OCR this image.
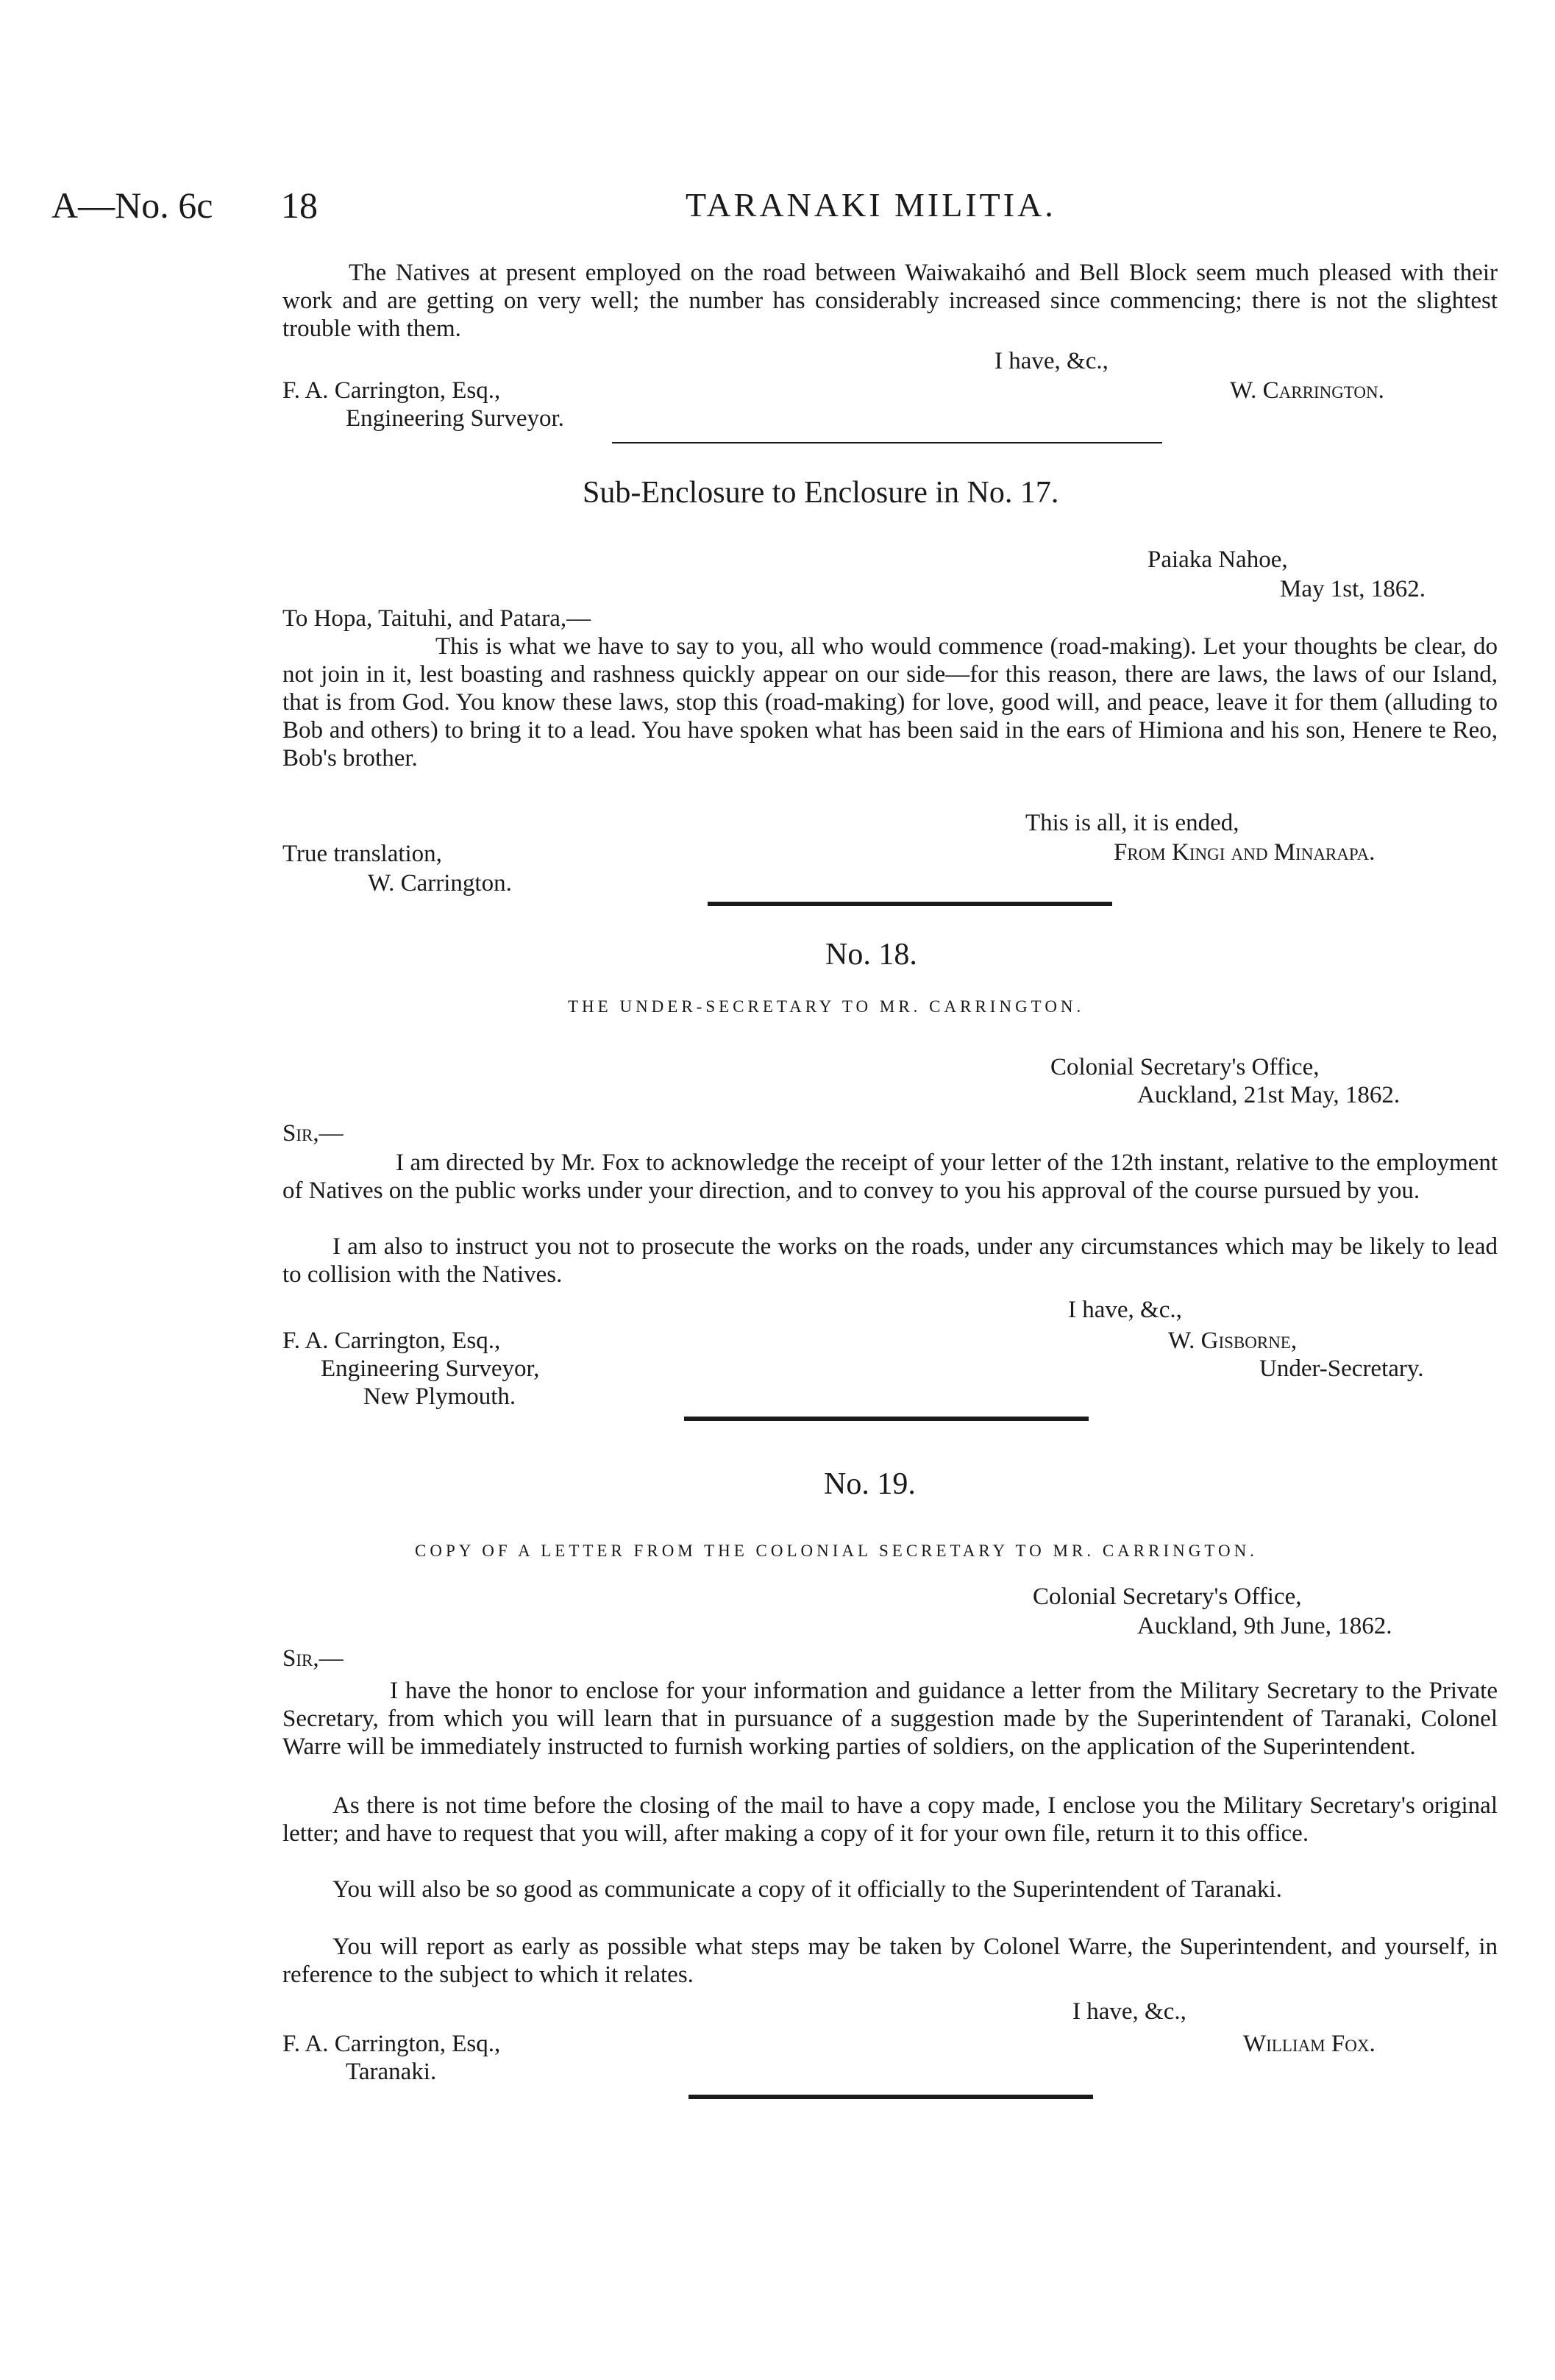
A—No. 6c 18	TARANAKI MILITIA.
The Natives at present employed on the road between Waiwakaihó and Bell Block seem much pleased with their work and are getting on very well; the number has considerably increased since commencing; there is not the slightest trouble with them.
I have, &c.,
F. A. Carrington, Esq.,	W. Carrington.
Engineering Surveyor.
Sub-Enclosure to Enclosure in No. 17.
Paiaka Nahoe,
May 1st, 1862.
To Hopa, Taituhi, and Patara,—
This is what we have to say to you, all who would commence (road-making). Let your thoughts be clear, do not join in it, lest boasting and rashness quickly appear on our side—for this reason, there are laws, the laws of our Island, that is from God. You know these laws, stop this (road-making) for love, good will, and peace, leave it for them (alluding to Bob and others) to bring it to a lead. You have spoken what has been said in the ears of Himiona and his son, Henere te Reo, Bob's brother.
This is all, it is ended,
True translation,	From Kingi and Minarapa.
W. Carrington.
No. 18.
THE UNDER-SECRETARY TO MR. CARRINGTON.
Colonial Secretary's Office,
Auckland, 21st May, 1862.
Sir,—
I am directed by Mr. Fox to acknowledge the receipt of your letter of the 12th instant, relative to the employment of Natives on the public works under your direction, and to convey to you his approval of the course pursued by you.
I am also to instruct you not to prosecute the works on the roads, under any circumstances which may be likely to lead to collision with the Natives.
I have, &c.,
F. A. Carrington, Esq.,	W. Gisborne,
Engineering Surveyor,	Under-Secretary.
New Plymouth.
No. 19.
COPY OF A LETTER FROM THE COLONIAL SECRETARY TO MR. CARRINGTON.
Colonial Secretary's Office,
Auckland, 9th June, 1862.
Sir,—
I have the honor to enclose for your information and guidance a letter from the Military Secretary to the Private Secretary, from which you will learn that in pursuance of a suggestion made by the Superintendent of Taranaki, Colonel Warre will be immediately instructed to furnish working parties of soldiers, on the application of the Superintendent.
As there is not time before the closing of the mail to have a copy made, I enclose you the Military Secretary's original letter; and have to request that you will, after making a copy of it for your own file, return it to this office.
You will also be so good as communicate a copy of it officially to the Superintendent of Taranaki.
You will report as early as possible what steps may be taken by Colonel Warre, the Superintendent, and yourself, in reference to the subject to which it relates.
I have, &c.,
F. A. Carrington, Esq.,	William Fox.
Taranaki.
